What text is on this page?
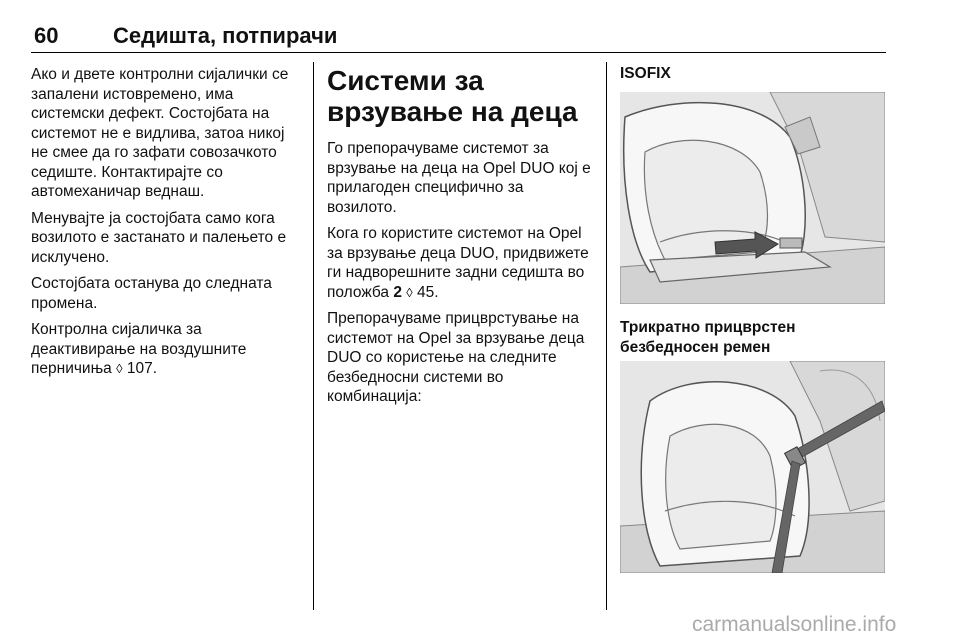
60 Седишта, потпирачи

Ако и двете контролни сијалички се запалени истовремено, има системски дефект. Состојбата на системот не е видлива, затоа никој не смее да го зафати совозачкото седиште. Контактирајте со автомеханичар веднаш.

Менувајте ја состојбата само кога возилото е застанато и палењето е исклучено.

Состојбата останува до следната промена.

Контролна сијаличка за деактивирање на воздушните перничиња ◊ 107.

Системи за врзување на деца

Го препорачуваме системот за врзување на деца на Opel DUO кој е прилагоден специфично за возилото.

Кога го користите системот на Opel за врзување деца DUO, придвижете ги надворешните задни седишта во положба 2 ◊ 45.

Препорачуваме прицврстување на системот на Opel за врзување деца DUO со користење на следните безбедносни системи во комбинација:

ISOFIX
Трикратно прицврстен безбедносен ремен
carmanualsonline.info
